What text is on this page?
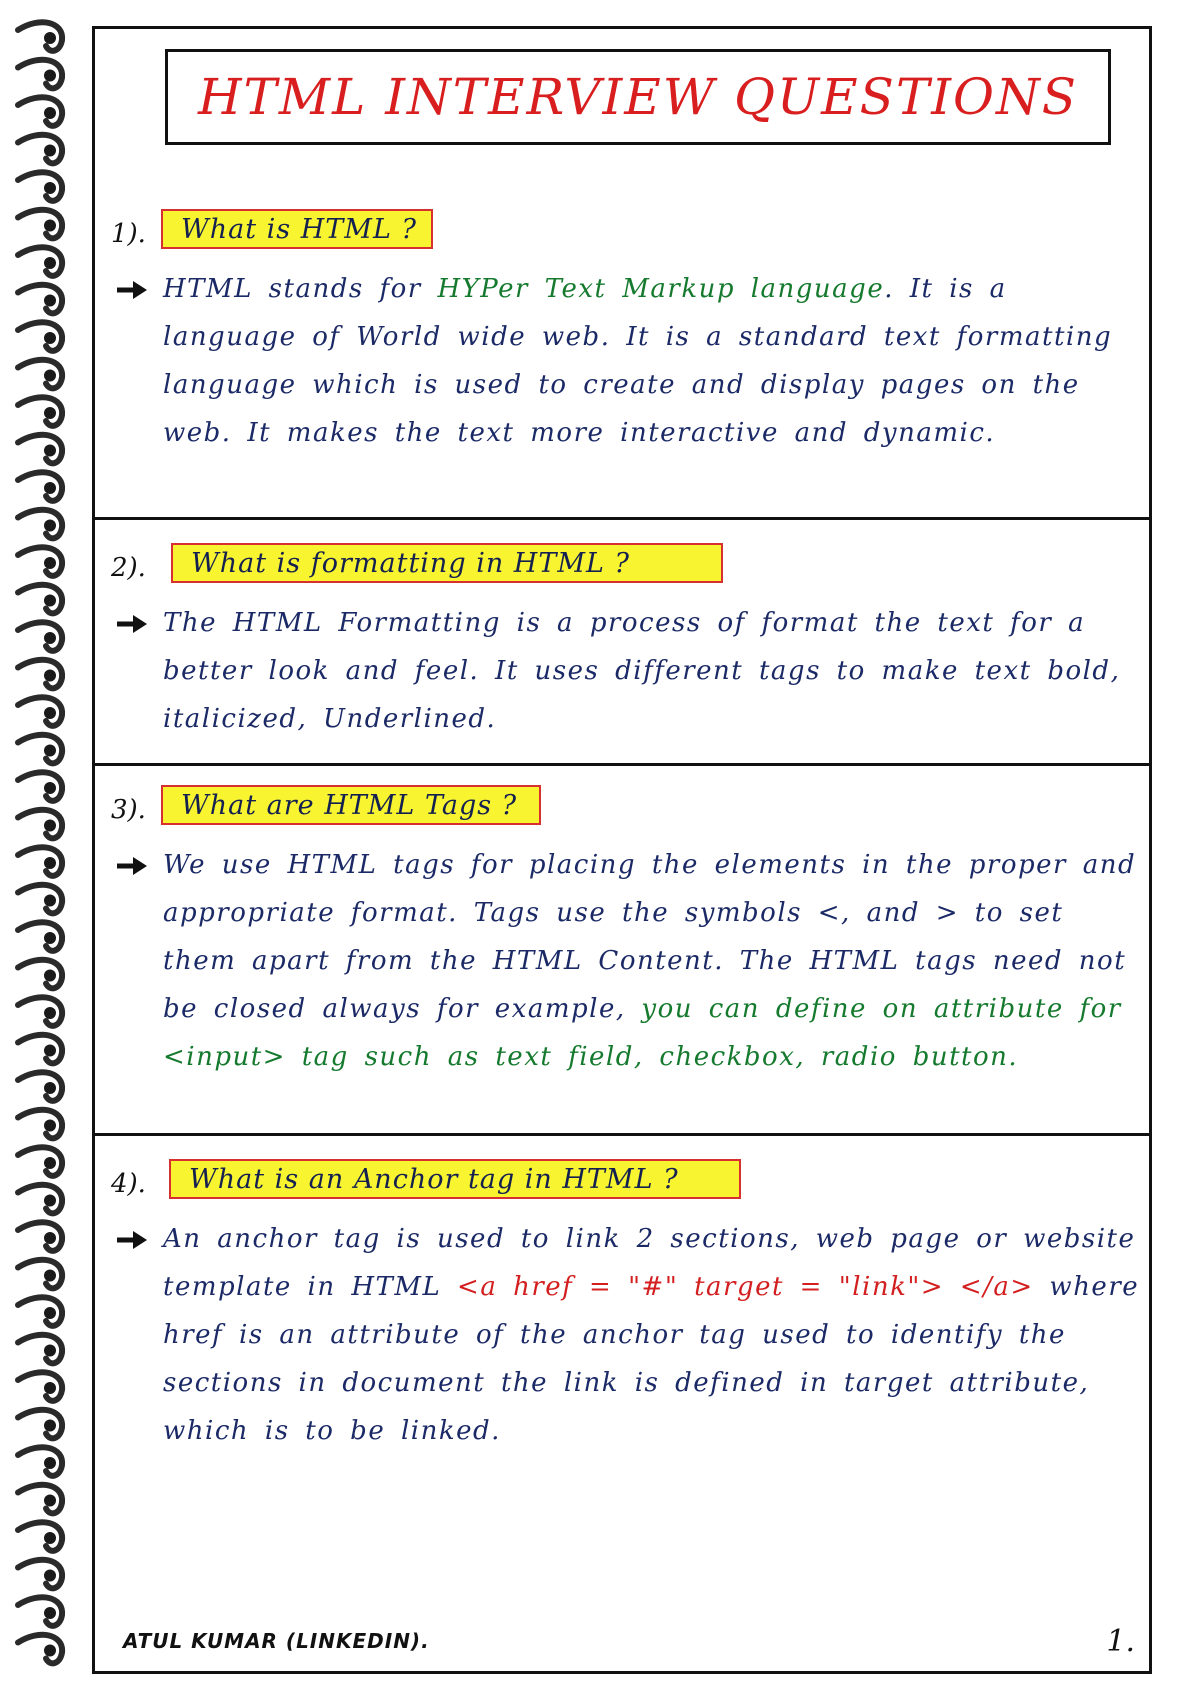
HTML INTERVIEW QUESTIONS
1). What is HTML ?
HTML stands for HYPer Text Markup language. It is a language of World wide web. It is a standard text formatting language which is used to create and display pages on the web. It makes the text more interactive and dynamic.
2). What is formatting in HTML ?
The HTML Formatting is a process of format the text for a better look and feel. It uses different tags to make text bold, italicized, Underlined.
3). What are HTML Tags ?
We use HTML tags for placing the elements in the proper and appropriate format. Tags use the symbols <, and > to set them apart from the HTML Content. The HTML tags need not be closed always for example, you can define on attribute for <input> tag such as text field, checkbox, radio button.
4). What is an Anchor tag in HTML ?
An anchor tag is used to link 2 sections, web page or website template in HTML <a href = "#" target = "link"> </a> where href is an attribute of the anchor tag used to identify the sections in document the link is defined in target attribute, which is to be linked.
ATUL KUMAR (LINKEDIN).	1.
